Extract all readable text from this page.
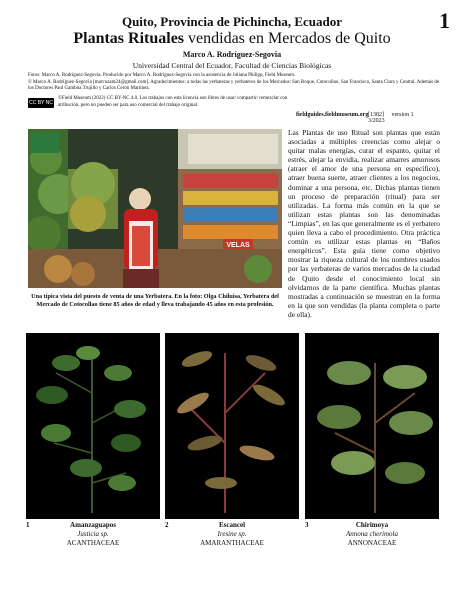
1
Quito, Provincia de Pichincha, Ecuador
Plantas Rituales vendidas en Mercados de Quito
Marco A. Rodríguez-Segovia
Universidad Central del Ecuador, Facultad de Ciencias Biológicas
Fotos: Marco A. Rodríguez-Segovia. Producido por Marco A. Rodríguez-Segovia con la asistencia de Juliana Philipp, Field Museum.
© Marco A. Rodríguez-Segovia [marcozam24@gmail.com]. Agradecimientos: a todas las yerbateras y yerbateros de los Mercados: San Roque, Cotocollao, San Francisco, Santa Clara y Central. Además de los Doctores Paul Gamboa Trujillo y Carlos Cerón Martínez.
CC BY NC
©Field Museum (2022) CC BY-NC 4.0. Los trabajos con esta licencia son libres de usar/ compartir/ remezclar con atribución, pero no pueden ser para uso comercial del trabajo original.
fieldguides.fieldmuseum.org [1382] version 1 3/2023
VELAS
Una típica vista del puesto de venta de una Yerbatera. En la foto: Olga Chiluisa, Yerbatera del Mercado de Cotocollao tiene 85 años de edad y lleva trabajando 45 años en esta profesión.
Las Plantas de uso Ritual son plantas que están asociadas a múltiples creencias como alejar o quitar malas energías, curar el espanto, quitar el estrés, alejar la envidia, realizar amarres amorosos (atraer el amor de una persona en específico), atraer buena suerte, atraer clientes a los negocios, dominar a una persona, etc. Dichas plantas tienen un proceso de preparación (ritual) para ser utilizadas. La forma más común en la que se utilizan estas plantas son las denominadas “Limpias”, en las que generalmente es el yerbatero quien lleva a cabo el procedimiento. Otra práctica común es utilizar estas plantas en “Baños energéticos”. Esta guía tiene como objetivo mostrar la riqueza cultural de los nombres usados por las yerbateras de varios mercados de la ciudad de Quito desde el conocimiento local sin olvidarnos de la parte científica. Muchas plantas mostradas a continuación se muestran en la forma en la que son vendidas (la planta completa o parte de ella).
1	Amanzaguapos
Justicia sp.
ACANTHACEAE
2	Escancel
Iresine sp.
AMARANTHACEAE
3	Chirimoya
Annona cherimola
ANNONACEAE
